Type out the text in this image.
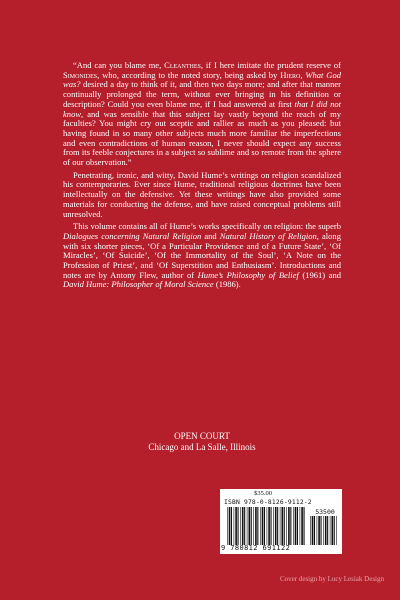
“And can you blame me, Cleanthes, if I here imitate the prudent reserve of Simonides, who, according to the noted story, being asked by Hiero, What God was? desired a day to think of it, and then two days more; and after that manner continually prolonged the term, without ever bringing in his definition or description? Could you even blame me, if I had answered at first that I did not know, and was sensible that this subject lay vastly beyond the reach of my faculties? You might cry out sceptic and rallier as much as you pleased: but having found in so many other subjects much more familiar the imperfections and even contradictions of human reason, I never should expect any success from its feeble conjectures in a subject so sublime and so remote from the sphere of our observation.”

Penetrating, ironic, and witty, David Hume’s writings on religion scandalized his contemporaries. Ever since Hume, traditional religious doctrines have been intellectually on the defensive. Yet these writings have also provided some materials for conducting the defense, and have raised conceptual problems still unresolved.

This volume contains all of Hume’s works specifically on religion: the superb Dialogues concerning Natural Religion and Natural History of Religion, along with six shorter pieces, ‘Of a Particular Providence and of a Future State’, ‘Of Miracles’, ‘Of Suicide’, ‘Of the Immortality of the Soul’, ‘A Note on the Profession of Priest’, and ‘Of Superstition and Enthusiasm’. Introductions and notes are by Antony Flew, author of Hume’s Philosophy of Belief (1961) and David Hume: Philosopher of Moral Science (1986).

OPEN COURT
Chicago and La Salle, Illinois
$35.00
ISBN 978-0-8126-9112-2
53500
9 780812 691122
Cover design by Lucy Lesiak Design
